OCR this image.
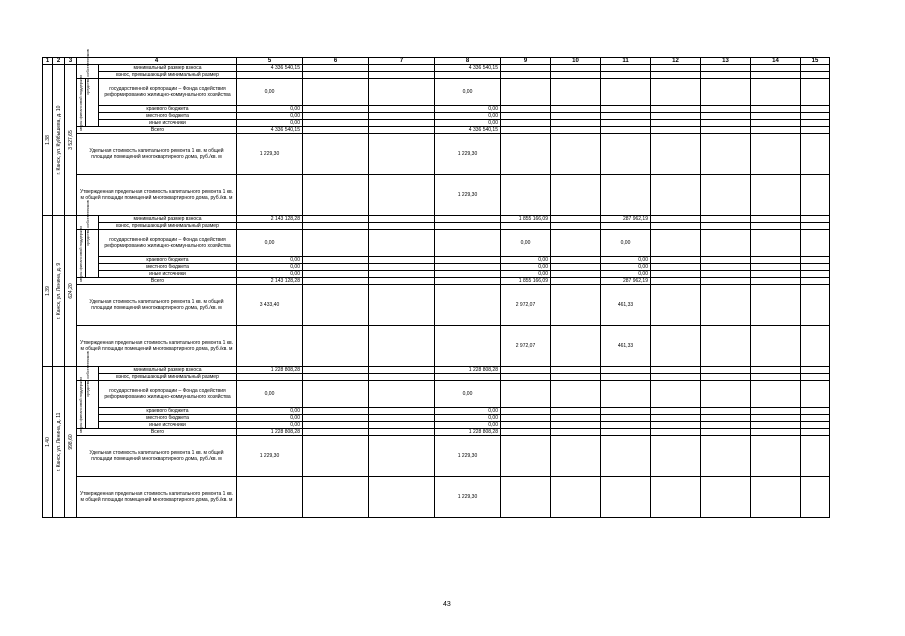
1	2	3	4			5	6	7	8	9	10	11	12	13	14	15

1.38	г. Канск, ул. Куйбышева, д. 10	3 527,65	средства собственников		минимальный размер взноса	4 336 540,15			4 336 540,15							
					взнос, превышающий минимальный размер											

			меры финансовой поддержки		государственной корпорации – Фонда содействия реформированию жилищно-коммунального хозяйства	0,00			0,00							
					краевого бюджета	0,00			0,00							
					местного бюджета	0,00			0,00							
					иные источники	0,00			0,00							
			Всего			4 336 540,15			4 336 540,15							
			Удельная стоимость капитального ремонта 1 кв. м общей площади помещений многоквартирного дома, руб./кв. м			1 229,30			1 229,30							
			Утвержденная предельная стоимость капитального ремонта 1 кв. м общей площади помещений многоквартирного дома, руб./кв. м						1 229,30							

1.39	г. Канск, ул. Ленина, д. 9	624,20	средства собственников		минимальный размер взноса	2 143 128,28				1 855 166,09		287 962,19				
					взнос, превышающий минимальный размер											

			меры финансовой поддержки		государственной корпорации – Фонда содействия реформированию жилищно-коммунального хозяйства	0,00				0,00		0,00				
					краевого бюджета	0,00				0,00		0,00				
					местного бюджета	0,00				0,00		0,00				
					иные источники	0,00				0,00		0,00				
			Всего			2 143 128,28				1 855 166,09		287 962,19				
			Удельная стоимость капитального ремонта 1 кв. м общей площади помещений многоквартирного дома, руб./кв. м			3 433,40				2 972,07		461,33				
			Утвержденная предельная стоимость капитального ремонта 1 кв. м общей площади помещений многоквартирного дома, руб./кв. м							2 972,07		461,33				

1.40	г. Канск, ул. Ленина, д. 11	998,60	средства собственников		минимальный размер взноса	1 228 808,28			1 228 808,28							
					взнос, превышающий минимальный размер											

			меры финансовой поддержки		государственной корпорации – Фонда содействия реформированию жилищно-коммунального хозяйства	0,00			0,00							
					краевого бюджета	0,00			0,00							
					местного бюджета	0,00			0,00							
					иные источники	0,00			0,00							
			Всего			1 228 808,28			1 228 808,28							
			Удельная стоимость капитального ремонта 1 кв. м общей площади помещений многоквартирного дома, руб./кв. м			1 229,30			1 229,30							
			Утвержденная предельная стоимость капитального ремонта 1 кв. м общей площади помещений многоквартирного дома, руб./кв. м						1 229,30							
43
